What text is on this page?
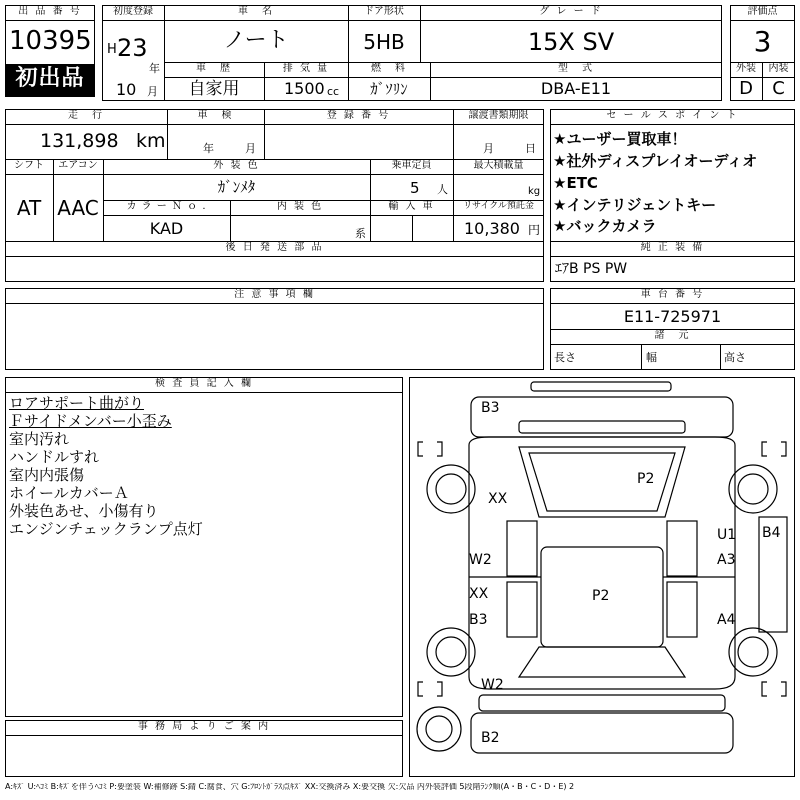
出 品 番 号
10395
初出品
初度登録
H 23
年
10 月
車　名
ノート
ドア形状
5HB
グ レ ー ド
15X SV
車　歴
自家用
排 気 量
1500 cc
燃　料
ｶﾞｿﾘﾝ
型　式
DBA-E11
評価点
3
外装	内装
D	C
走　行
131,898 km
車　検
年	月
登 録 番 号	譲渡書類期限
月	日
シフト
AT
エアコン
AAC
外 装 色
ｶﾞﾝﾒﾀ
乗車定員
5 人
最大積載量
kg
カ ラ ー Ｎ ｏ .
KAD
内 装 色
系
輸 入 車	リサイクル預託金
10,380 円
後 日 発 送 部 品
セ ー ル ス ポ イ ン ト
★ユーザー買取車！
★社外ディスプレイオーディオ
★ETC
★インテリジェントキー
★バックカメラ
純 正 装 備
ｴｱB PS PW
注 意 事 項 欄	車 台 番 号
E11-725971
諸　元
長さ	幅	高さ
検 査 員 記 入 欄
ロアサポート曲がり
Ｆサイドメンバー小歪み
室内汚れ
ハンドルすれ
室内内張傷
ホイールカバーＡ
外装色あせ、小傷有り
エンジンチェックランプ点灯
事 務 局 よ り ご 案 内
B3
P2
XX
U1 B4
W2	A3
XX
B3
P2
A4
W2
B2
A:ｷｽﾞ U:ﾍｺﾐ B:ｷｽﾞを伴うﾍｺﾐ P:要塗装 W:補修跡 S:錆 C:腐食、穴 G:ﾌﾛﾝﾄｶﾞﾗｽ点ｷｽﾞ XX:交換済み X:要交換 欠:欠品 内外装評価 5段階ﾗﾝｸ順(A・B・C・D・E) 2
